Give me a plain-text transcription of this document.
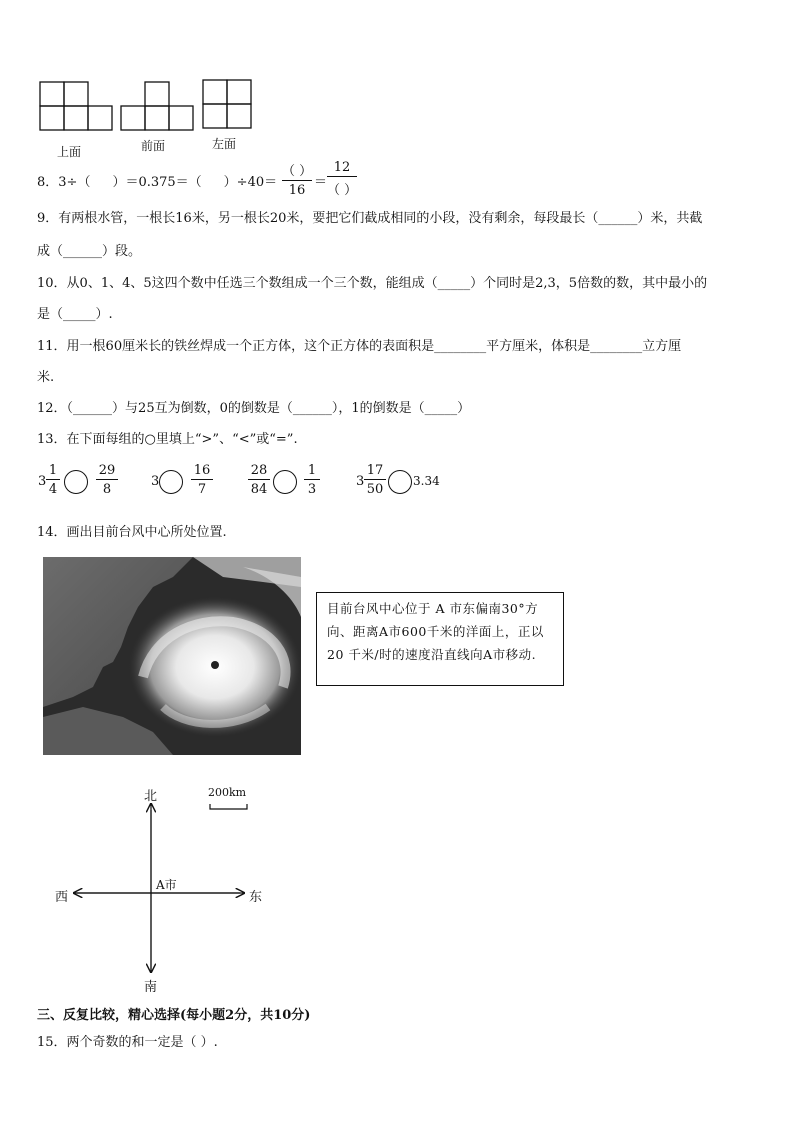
上面	前面	左面
8．3÷（ ）＝0.375＝（ ）÷40＝
（ ）
16
＝
12
（ ）
9．有两根水管，一根长16米，另一根长20米，要把它们截成相同的小段，没有剩余，每段最长（______）米，共截
成（______）段。
10．从0、1、4、5这四个数中任选三个数组成一个三个数，能组成（_____）个同时是2,3，5倍数的数，其中最小的
是（_____）.
11．用一根60厘米长的铁丝焊成一个正方体，这个正方体的表面积是________平方厘米，体积是________立方厘
米.
12．（______）与25互为倒数，0的倒数是（______），1的倒数是（_____）
13．在下面每组的○里填上“>”、“<”或“=”.
3
1
4
29
8
3
16
7
28
84
1
3
3
17
50
3.34
14．画出目前台风中心所处位置.
目前台风中心位于 A 市东偏南30°方向、距离A市600千米的洋面上，正以 20 千米/时的速度沿直线向A市移动.
北
南
东
西
A市
200km
三、反复比较，精心选择(每小题2分，共10分)
15．两个奇数的和一定是（ ）.
